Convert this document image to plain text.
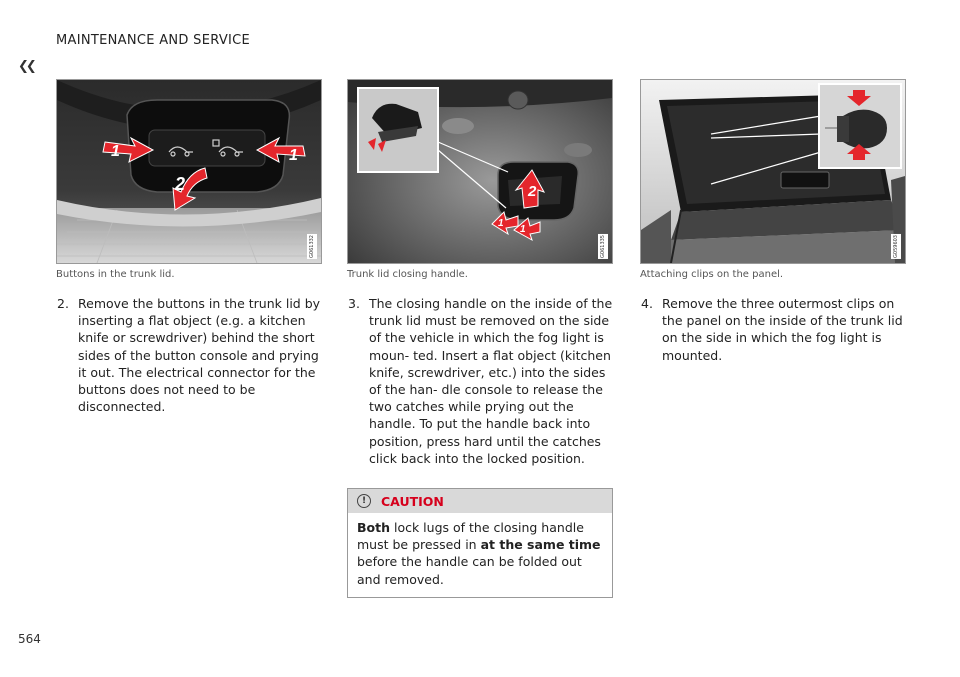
MAINTENANCE AND SERVICE
❮❮
1
2
1
G061332
Buttons in the trunk lid.
2. Remove the buttons in the trunk lid by inserting a flat object (e.g. a kitchen knife or screwdriver) behind the short sides of the button console and prying it out. The electrical connector for the buttons does not need to be disconnected.
2
1
1
G061335
Trunk lid closing handle.
3. The closing handle on the inside of the trunk lid must be removed on the side of the vehicle in which the fog light is moun- ted. Insert a flat object (kitchen knife, screwdriver, etc.) into the sides of the han- dle console to release the two catches while prying out the handle. To put the handle back into position, press hard until the catches click back into the locked position.
!	CAUTION
Both lock lugs of the closing handle must be pressed in at the same time before the handle can be folded out and removed.
G059603
Attaching clips on the panel.
4. Remove the three outermost clips on the panel on the inside of the trunk lid on the side in which the fog light is mounted.
564
